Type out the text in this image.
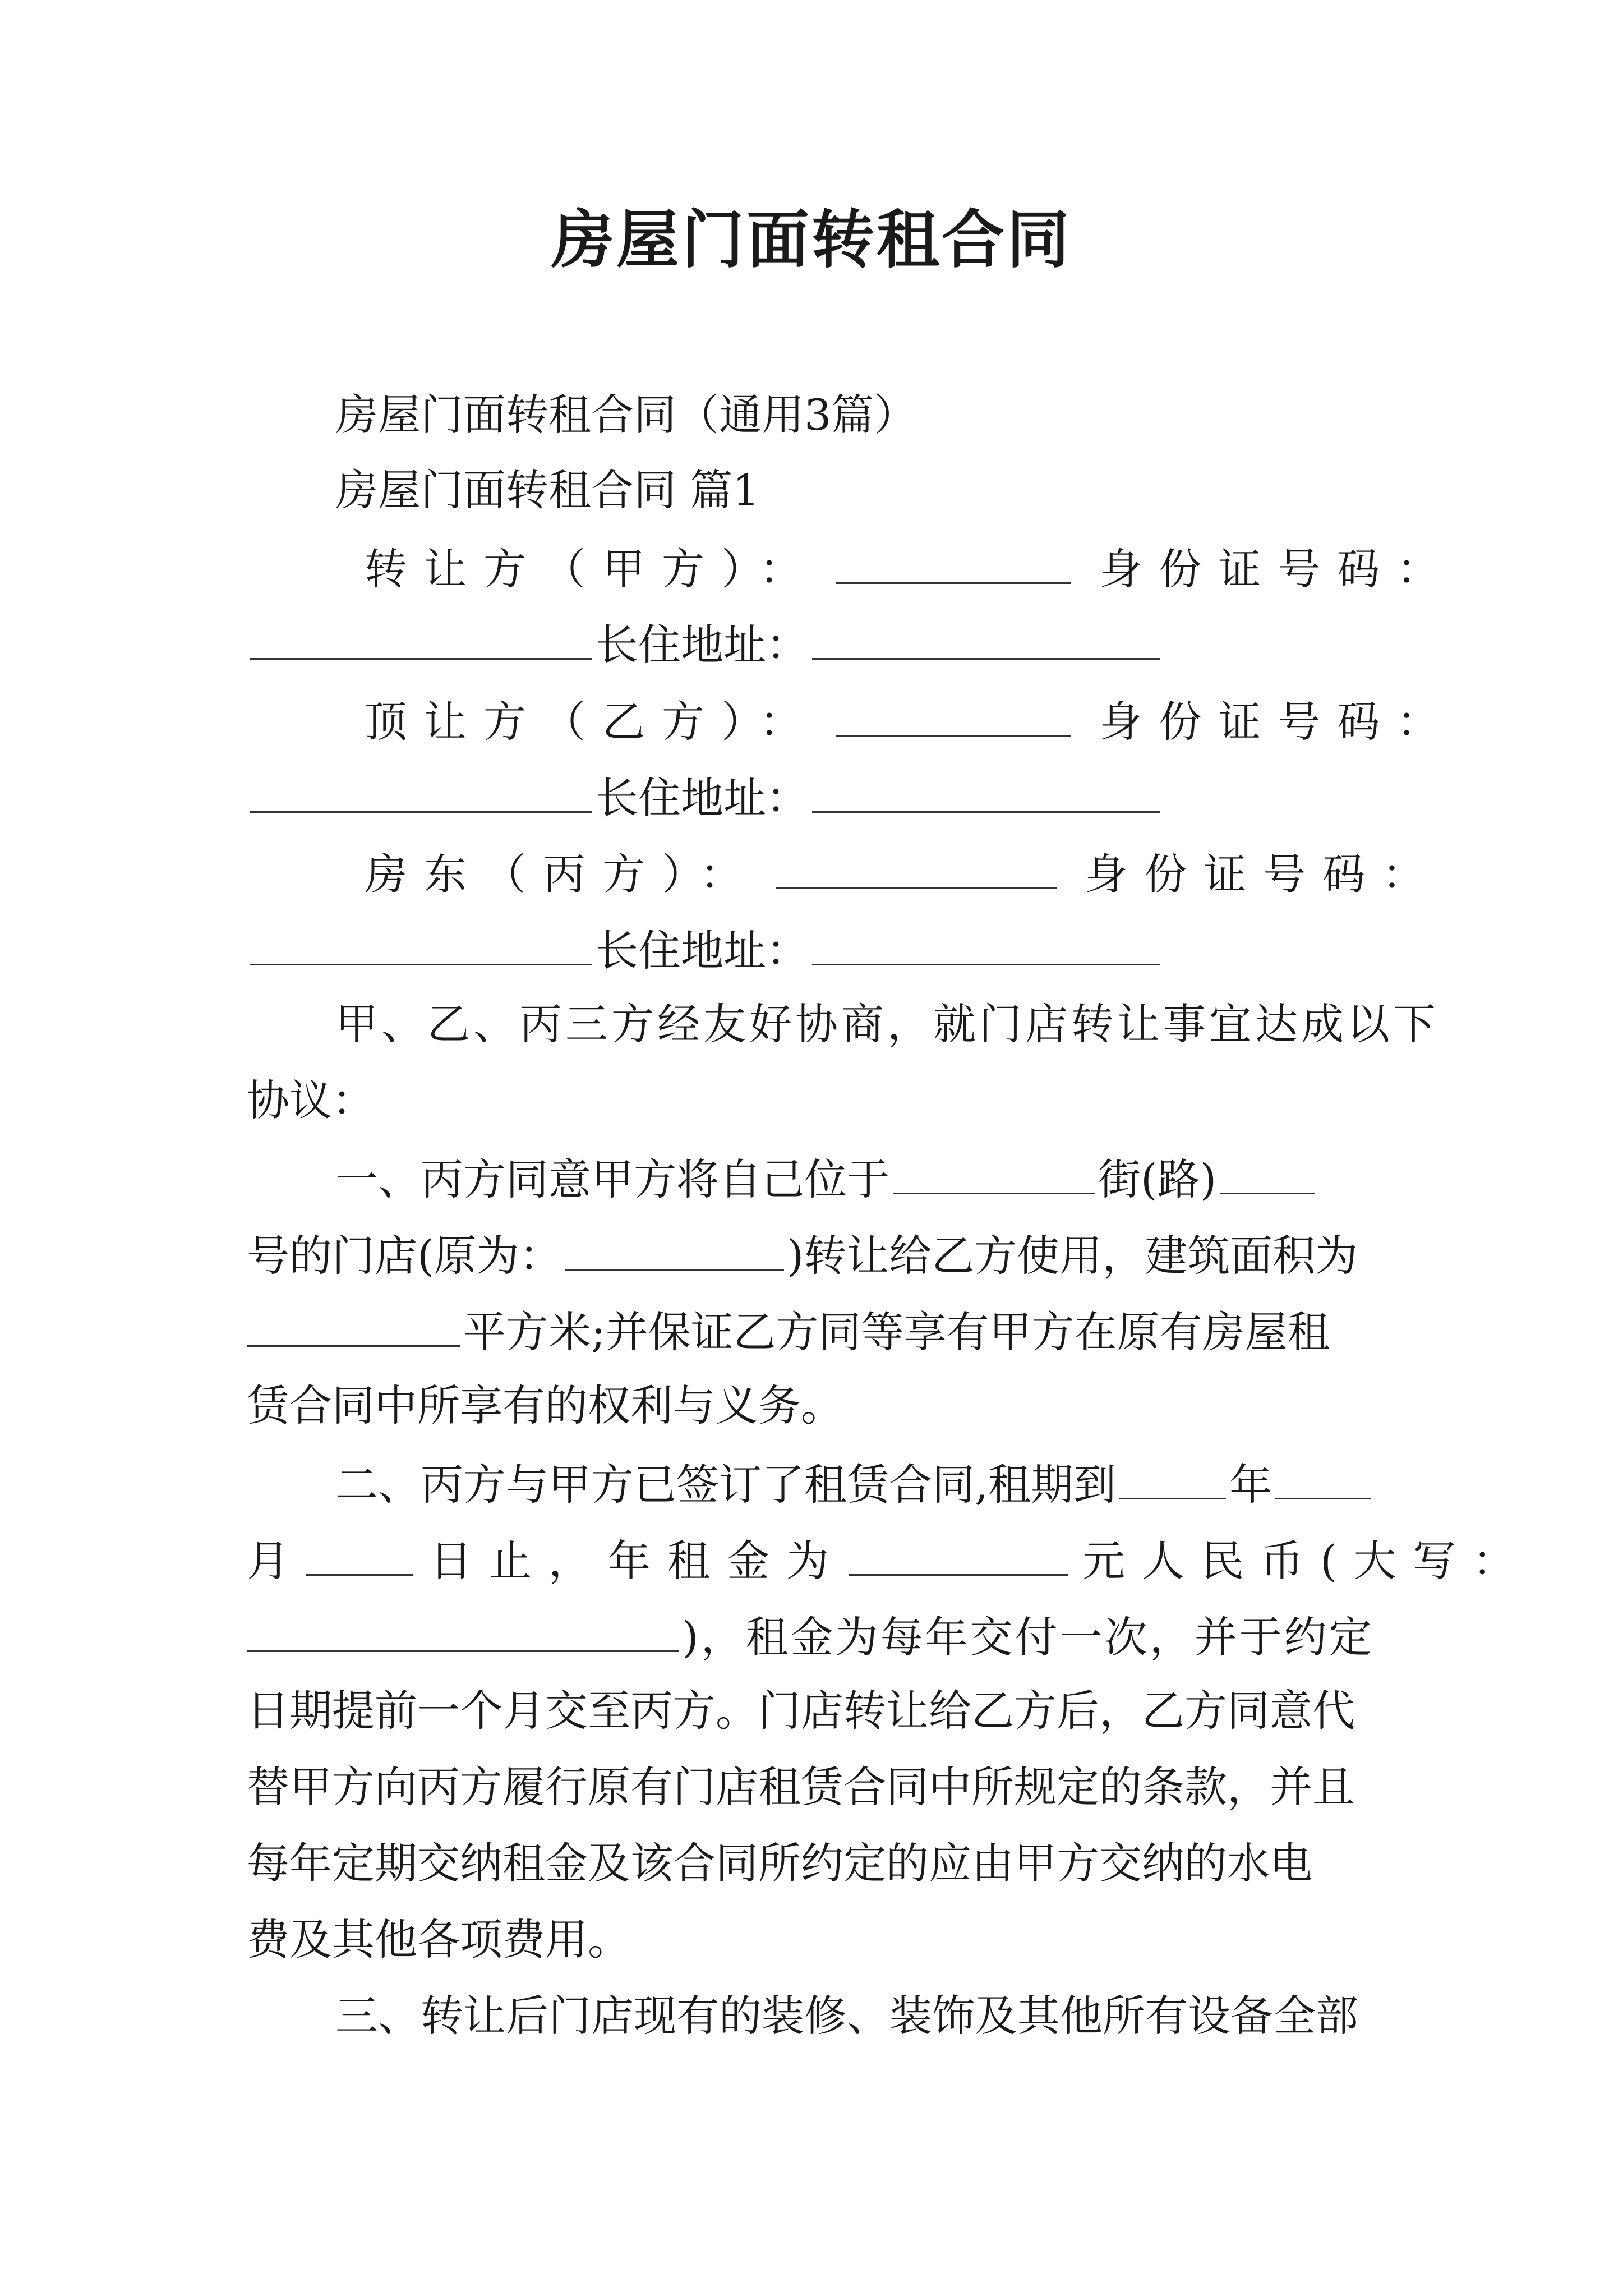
房屋门面转租合同
房屋门面转租合同（通用3篇）
房屋门面转租合同 篇1
转让方（甲方）：	身份证号码：
长住地址：
顶让方（乙方）：	身份证号码：
长住地址：
房东（丙方）：	身份证号码：
长住地址：
甲、乙、丙三方经友好协商，就门店转让事宜达成以下
协议：
一、丙方同意甲方将自己位于	街(路)
号的门店(原为：	)转让给乙方使用，建筑面积为
平方米;并保证乙方同等享有甲方在原有房屋租
赁合同中所享有的权利与义务。
二、丙方与甲方已签订了租赁合同,租期到	年
月	日止，年租金为	元人民币(大写：
)，租金为每年交付一次，并于约定
日期提前一个月交至丙方。门店转让给乙方后，乙方同意代
替甲方向丙方履行原有门店租赁合同中所规定的条款，并且
每年定期交纳租金及该合同所约定的应由甲方交纳的水电
费及其他各项费用。
三、转让后门店现有的装修、装饰及其他所有设备全部
